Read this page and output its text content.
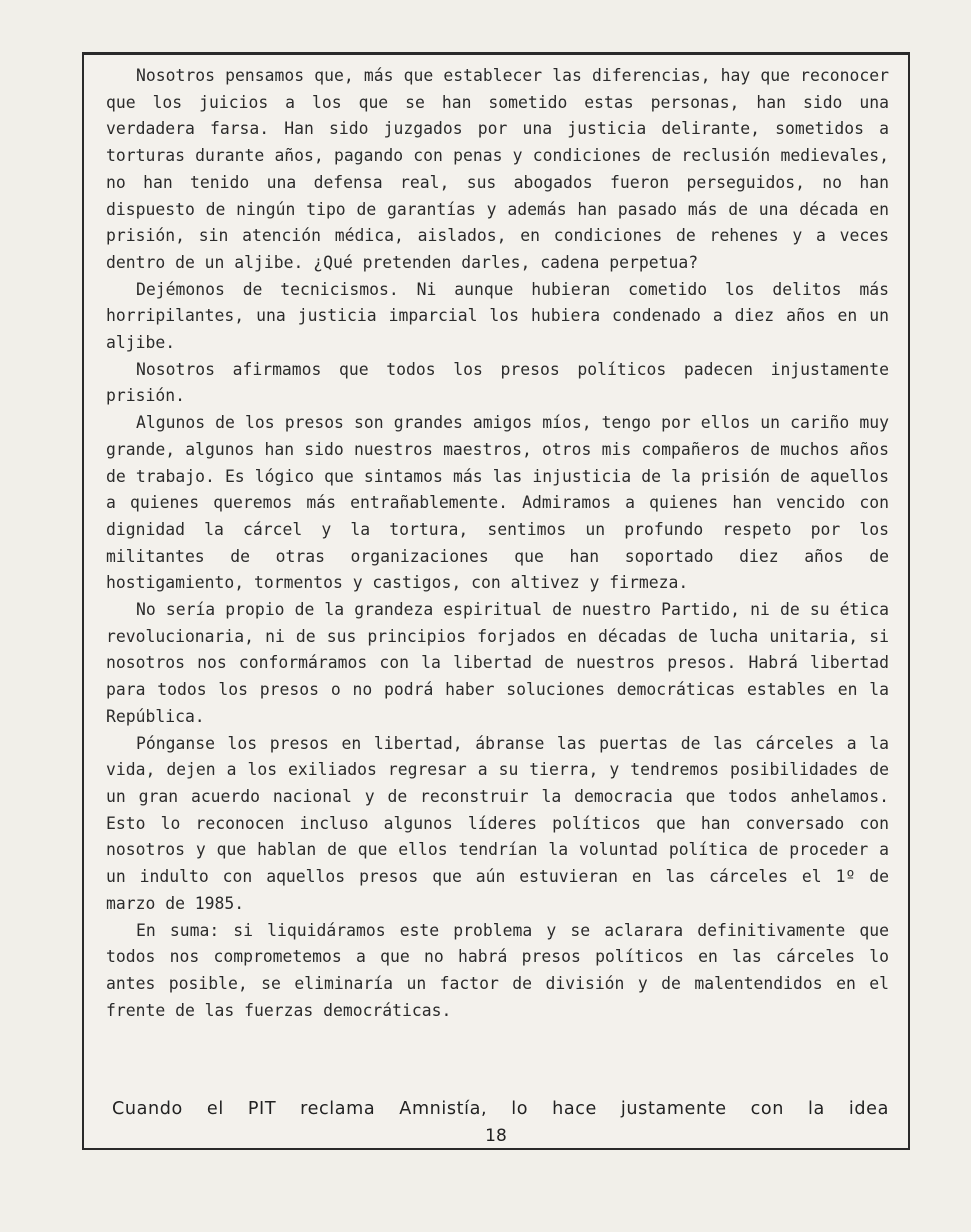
Nosotros pensamos que, más que establecer las diferencias, hay que reconocer que los juicios a los que se han sometido estas personas, han sido una verdadera farsa. Han sido juzgados por una justicia delirante, sometidos a torturas durante años, pagando con penas y condiciones de reclusión medievales, no han tenido una defensa real, sus abogados fueron perseguidos, no han dispuesto de ningún tipo de garantías y además han pasado más de una década en prisión, sin atención médica, aislados, en condiciones de rehenes y a veces dentro de un aljibe. ¿Qué pretenden darles, cadena perpetua?

Dejémonos de tecnicismos. Ni aunque hubieran cometido los delitos más horripilantes, una justicia imparcial los hubiera condenado a diez años en un aljibe.

Nosotros afirmamos que todos los presos políticos padecen injustamente prisión.

Algunos de los presos son grandes amigos míos, tengo por ellos un cariño muy grande, algunos han sido nuestros maestros, otros mis compañeros de muchos años de trabajo. Es lógico que sintamos más las injusticia de la prisión de aquellos a quienes queremos más entrañablemente. Admiramos a quienes han vencido con dignidad la cárcel y la tortura, sentimos un profundo respeto por los militantes de otras organizaciones que han soportado diez años de hostigamiento, tormentos y castigos, con altivez y firmeza.

No sería propio de la grandeza espiritual de nuestro Partido, ni de su ética revolucionaria, ni de sus principios forjados en décadas de lucha unitaria, si nosotros nos conformáramos con la libertad de nuestros presos. Habrá libertad para todos los presos o no podrá haber soluciones democráticas estables en la República.

Pónganse los presos en libertad, ábranse las puertas de las cárceles a la vida, dejen a los exiliados regresar a su tierra, y tendremos posibilidades de un gran acuerdo nacional y de reconstruir la democracia que todos anhelamos. Esto lo reconocen incluso algunos líderes políticos que han conversado con nosotros y que hablan de que ellos tendrían la voluntad política de proceder a un indulto con aquellos presos que aún estuvieran en las cárceles el 1º de marzo de 1985.

En suma: si liquidáramos este problema y se aclarara definitivamente que todos nos comprometemos a que no habrá presos políticos en las cárceles lo antes posible, se eliminaría un factor de división y de malentendidos en el frente de las fuerzas democráticas.

Cuando el PIT reclama Amnistía, lo hace justamente con la idea
18
